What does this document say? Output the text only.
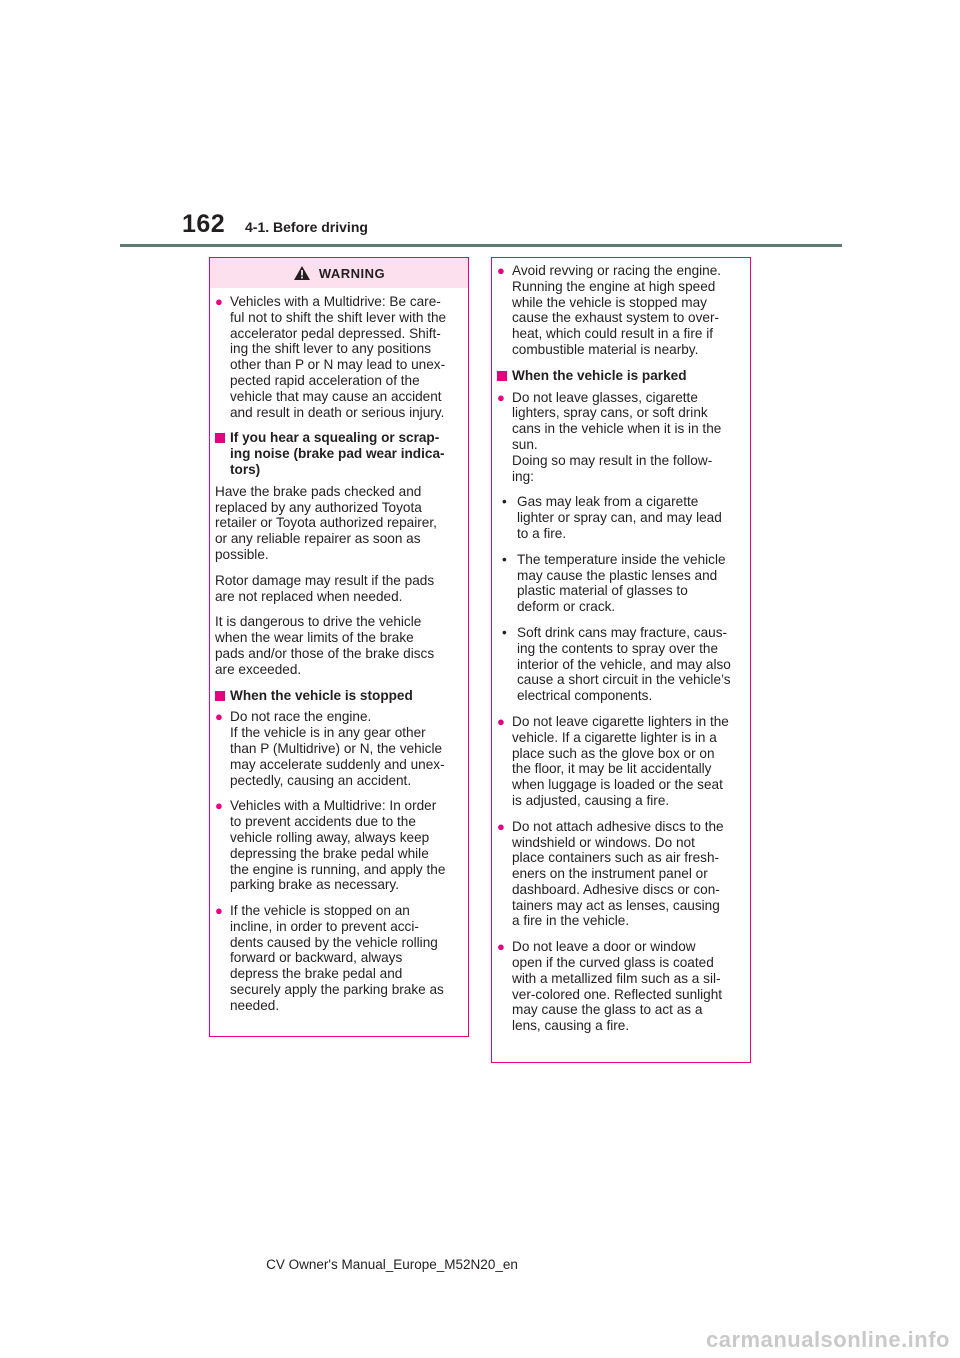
162 4-1. Before driving
WARNING
● Vehicles with a Multidrive: Be care-
ful not to shift the shift lever with the
accelerator pedal depressed. Shift-
ing the shift lever to any positions
other than P or N may lead to unex-
pected rapid acceleration of the
vehicle that may cause an accident
and result in death or serious injury.
If you hear a squealing or scrap-
ing noise (brake pad wear indica-
tors)
Have the brake pads checked and
replaced by any authorized Toyota
retailer or Toyota authorized repairer,
or any reliable repairer as soon as
possible.
Rotor damage may result if the pads
are not replaced when needed.
It is dangerous to drive the vehicle
when the wear limits of the brake
pads and/or those of the brake discs
are exceeded.
When the vehicle is stopped
● Do not race the engine.
If the vehicle is in any gear other
than P (Multidrive) or N, the vehicle
may accelerate suddenly and unex-
pectedly, causing an accident.
● Vehicles with a Multidrive: In order
to prevent accidents due to the
vehicle rolling away, always keep
depressing the brake pedal while
the engine is running, and apply the
parking brake as necessary.
● If the vehicle is stopped on an
incline, in order to prevent acci-
dents caused by the vehicle rolling
forward or backward, always
depress the brake pedal and
securely apply the parking brake as
needed.
● Avoid revving or racing the engine.
Running the engine at high speed
while the vehicle is stopped may
cause the exhaust system to over-
heat, which could result in a fire if
combustible material is nearby.
When the vehicle is parked
● Do not leave glasses, cigarette
lighters, spray cans, or soft drink
cans in the vehicle when it is in the
sun.
Doing so may result in the follow-
ing:
• Gas may leak from a cigarette
lighter or spray can, and may lead
to a fire.
• The temperature inside the vehicle
may cause the plastic lenses and
plastic material of glasses to
deform or crack.
• Soft drink cans may fracture, caus-
ing the contents to spray over the
interior of the vehicle, and may also
cause a short circuit in the vehicle’s
electrical components.
● Do not leave cigarette lighters in the
vehicle. If a cigarette lighter is in a
place such as the glove box or on
the floor, it may be lit accidentally
when luggage is loaded or the seat
is adjusted, causing a fire.
● Do not attach adhesive discs to the
windshield or windows. Do not
place containers such as air fresh-
eners on the instrument panel or
dashboard. Adhesive discs or con-
tainers may act as lenses, causing
a fire in the vehicle.
● Do not leave a door or window
open if the curved glass is coated
with a metallized film such as a sil-
ver-colored one. Reflected sunlight
may cause the glass to act as a
lens, causing a fire.
CV Owner's Manual_Europe_M52N20_en
carmanualsonline.info
